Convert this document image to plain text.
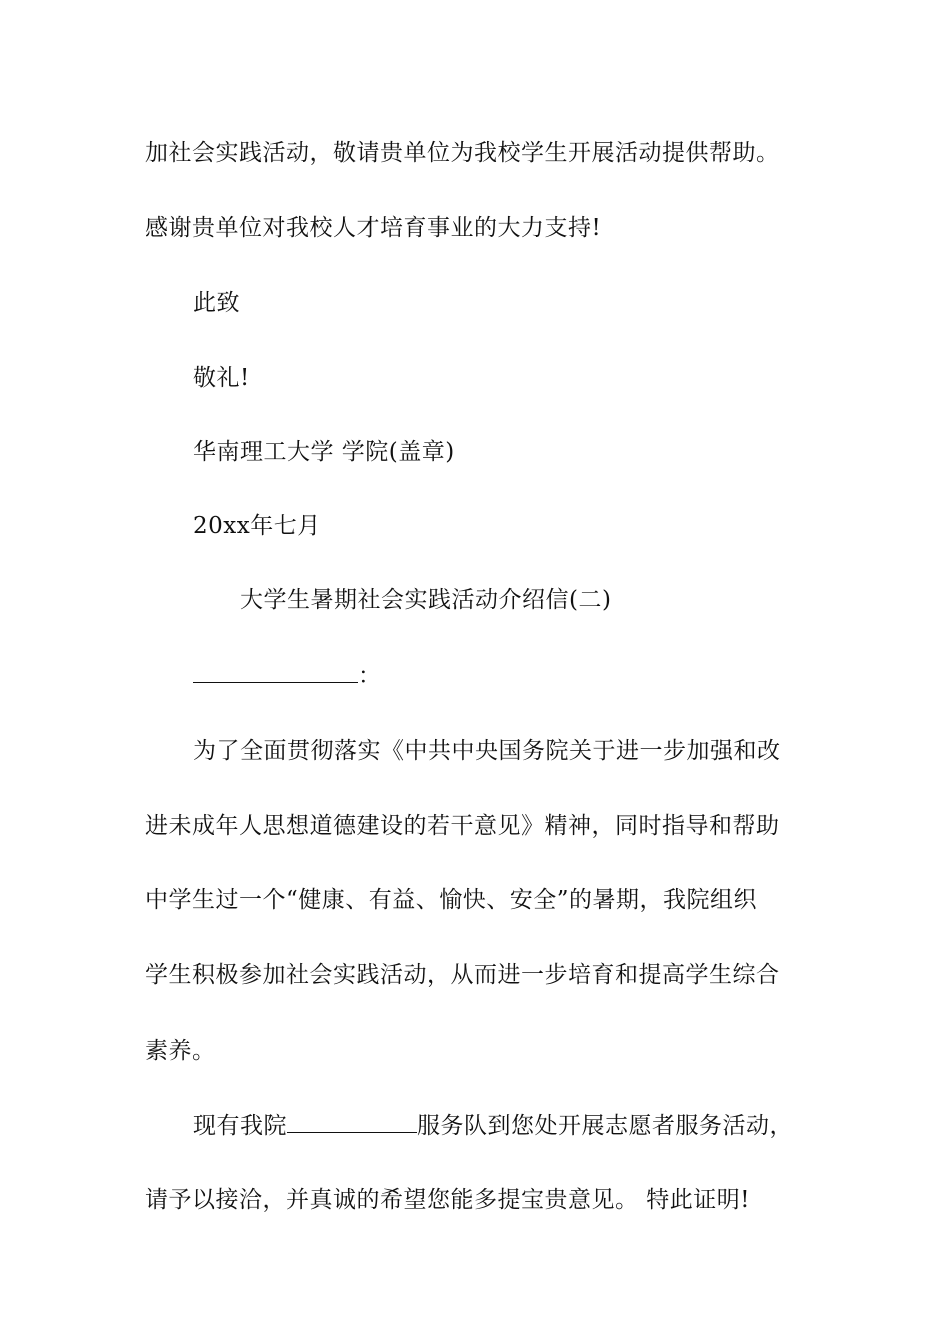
加社会实践活动，敬请贵单位为我校学生开展活动提供帮助。
感谢贵单位对我校人才培育事业的大力支持!
此致
敬礼!
华南理工大学 学院(盖章)
20xx年七月
大学生暑期社会实践活动介绍信(二)
：
为了全面贯彻落实《中共中央国务院关于进一步加强和改
进未成年人思想道德建设的若干意见》精神，同时指导和帮助
中学生过一个“健康、有益、愉快、安全”的暑期，我院组织
学生积极参加社会实践活动，从而进一步培育和提高学生综合
素养。
现有我院	服务队到您处开展志愿者服务活动，
请予以接洽，并真诚的希望您能多提宝贵意见。 特此证明!
